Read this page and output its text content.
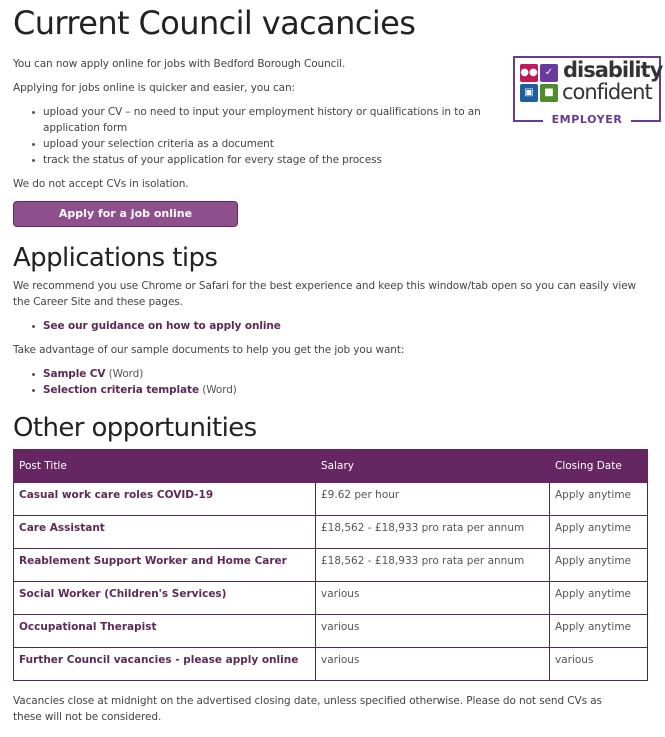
Current Council vacancies

You can now apply online for jobs with Bedford Borough Council.

Applying for jobs online is quicker and easier, you can:

upload your CV – no need to input your employment history or qualifications in to an application form
upload your selection criteria as a document
track the status of your application for every stage of the process

We do not accept CVs in isolation.

Apply for a job online
●● ✓
▣	■
disability
confident
EMPLOYER
Applications tips

We recommend you use Chrome or Safari for the best experience and keep this window/tab open so you can easily view the Career Site and these pages.

See our guidance on how to apply online

Take advantage of our sample documents to help you get the job you want:

Sample CV (Word)
Selection criteria template (Word)
Other opportunities
Post Title	Salary	Closing Date
Casual work care roles COVID-19	£9.62 per hour	Apply anytime
Care Assistant	£18,562 - £18,933 pro rata per annum	Apply anytime
Reablement Support Worker and Home Carer	£18,562 - £18,933 pro rata per annum	Apply anytime
Social Worker (Children's Services)	various	Apply anytime
Occupational Therapist	various	Apply anytime
Further Council vacancies - please apply online	various	various

Vacancies close at midnight on the advertised closing date, unless specified otherwise. Please do not send CVs as these will not be considered.
